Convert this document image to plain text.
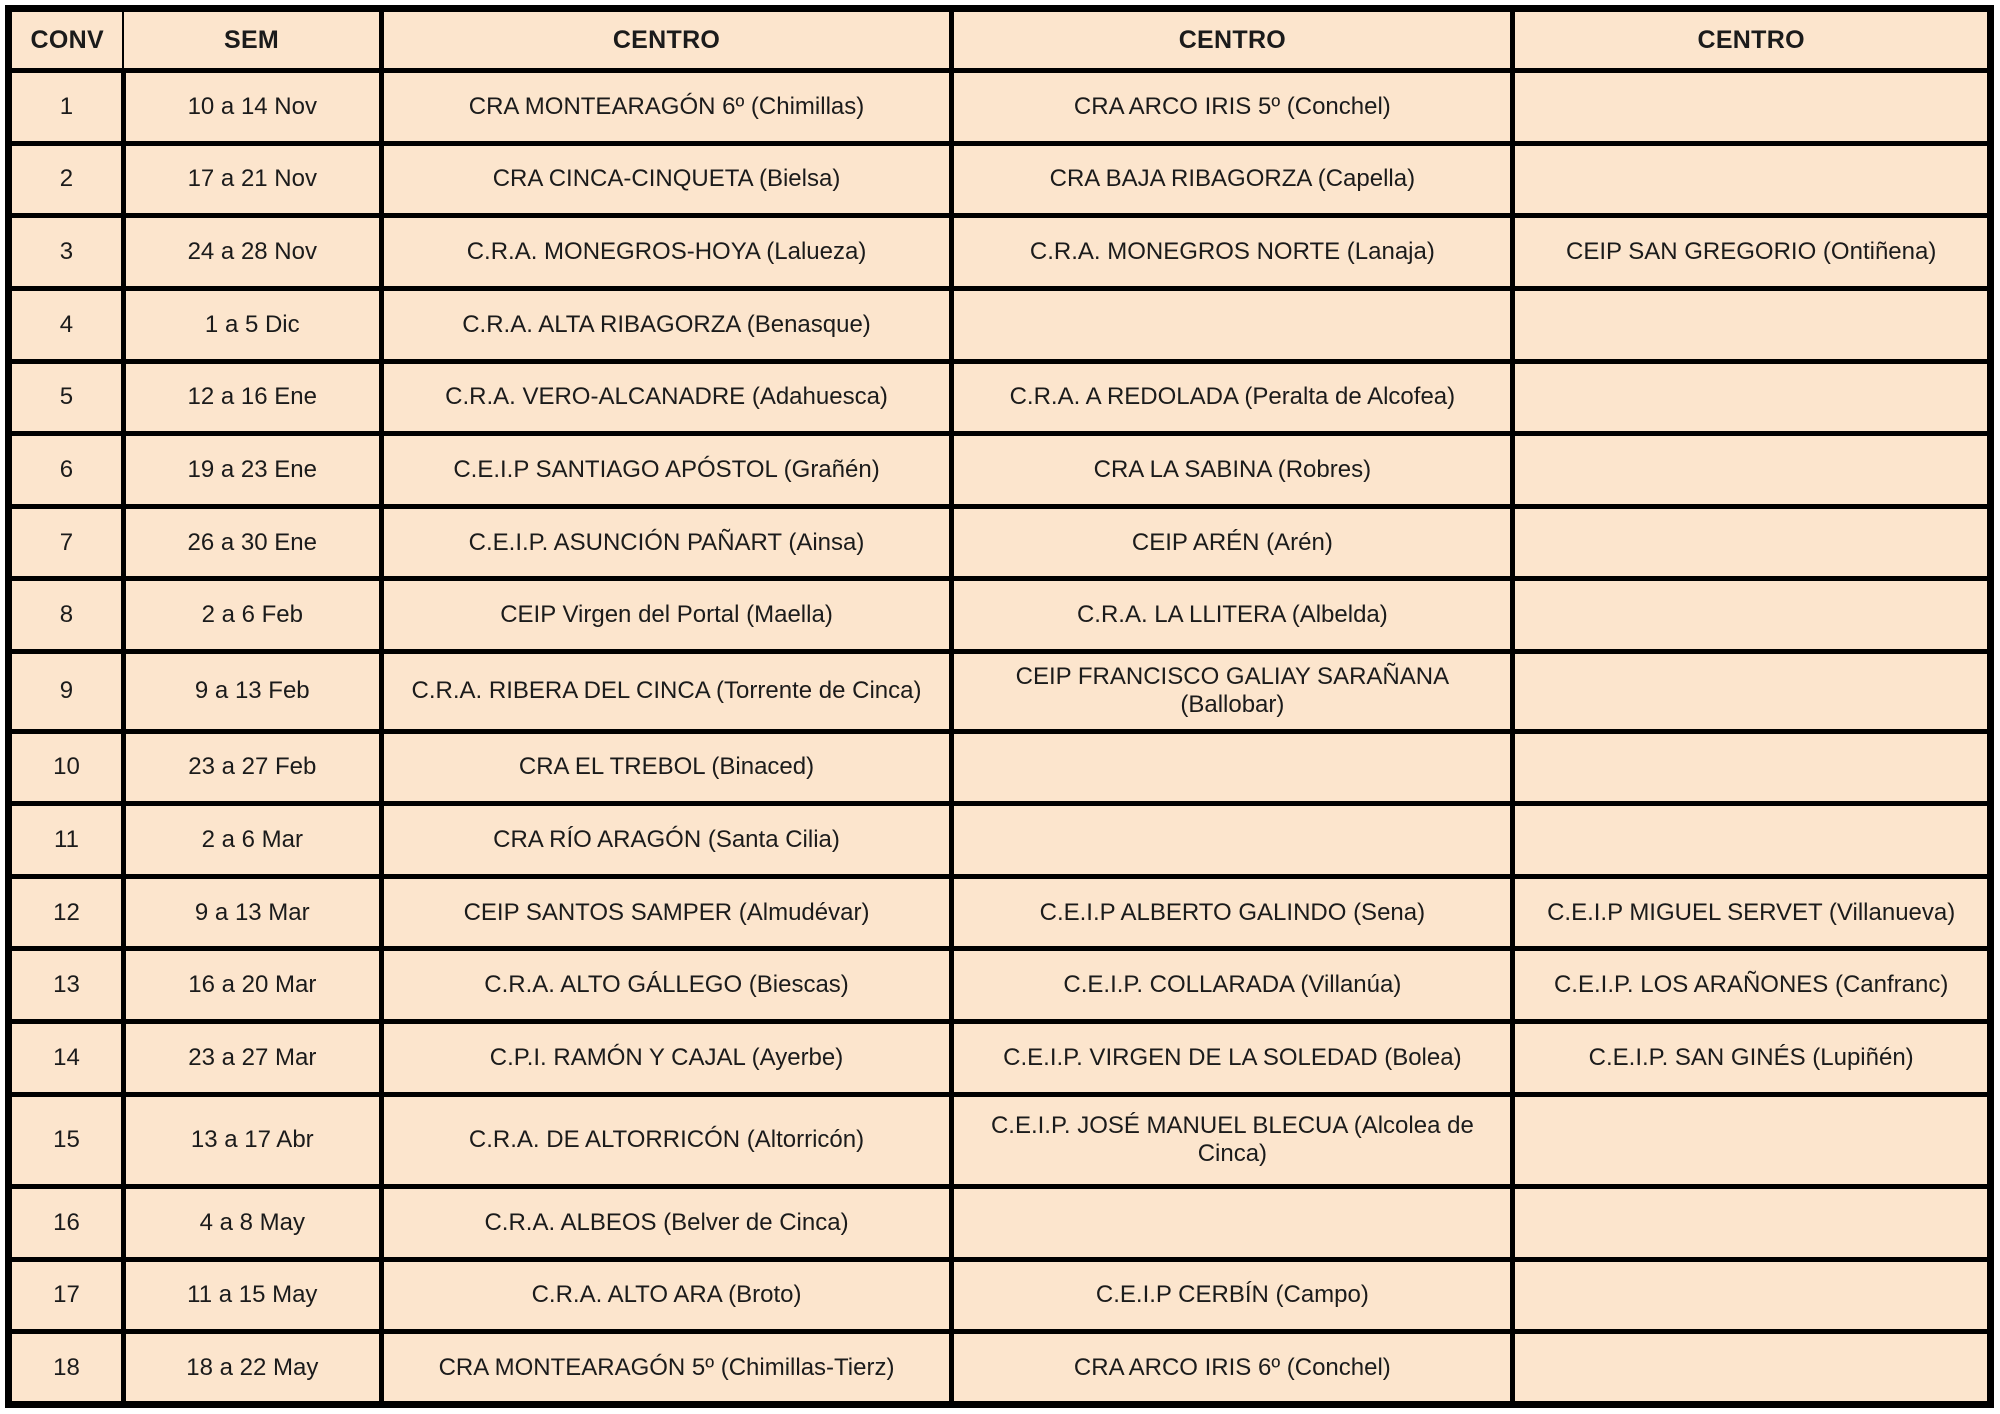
CONV	SEM	CENTRO	CENTRO	CENTRO
1	10 a 14 Nov	CRA MONTEARAGÓN 6º (Chimillas)	CRA ARCO IRIS 5º (Conchel)	
2	17 a 21 Nov	CRA CINCA-CINQUETA (Bielsa)	CRA BAJA RIBAGORZA (Capella)	
3	24 a 28 Nov	C.R.A. MONEGROS-HOYA (Lalueza)	C.R.A. MONEGROS NORTE (Lanaja)	CEIP SAN GREGORIO (Ontiñena)
4	1 a 5 Dic	C.R.A. ALTA RIBAGORZA (Benasque)		
5	12 a 16 Ene	C.R.A. VERO-ALCANADRE (Adahuesca)	C.R.A. A REDOLADA (Peralta de Alcofea)	
6	19 a 23 Ene	C.E.I.P SANTIAGO APÓSTOL (Grañén)	CRA LA SABINA (Robres)	
7	26 a 30 Ene	C.E.I.P. ASUNCIÓN PAÑART (Ainsa)	CEIP ARÉN (Arén)	
8	2 a 6 Feb	CEIP Virgen del Portal (Maella)	C.R.A. LA LLITERA (Albelda)	
9	9 a 13 Feb	C.R.A. RIBERA DEL CINCA (Torrente de Cinca)	CEIP FRANCISCO GALIAY SARAÑANA (Ballobar)	
10	23 a 27 Feb	CRA EL TREBOL (Binaced)		
11	2 a 6 Mar	CRA RÍO ARAGÓN (Santa Cilia)		
12	9 a 13 Mar	CEIP SANTOS SAMPER (Almudévar)	C.E.I.P ALBERTO GALINDO (Sena)	C.E.I.P MIGUEL SERVET (Villanueva)
13	16 a 20 Mar	C.R.A. ALTO GÁLLEGO (Biescas)	C.E.I.P. COLLARADA (Villanúa)	C.E.I.P. LOS ARAÑONES (Canfranc)
14	23 a 27 Mar	C.P.I. RAMÓN Y CAJAL (Ayerbe)	C.E.I.P. VIRGEN DE LA SOLEDAD (Bolea)	C.E.I.P. SAN GINÉS (Lupiñén)
15	13 a 17 Abr	C.R.A. DE ALTORRICÓN (Altorricón)	C.E.I.P. JOSÉ MANUEL BLECUA (Alcolea de Cinca)	
16	4 a 8 May	C.R.A. ALBEOS (Belver de Cinca)		
17	11 a 15 May	C.R.A. ALTO ARA (Broto)	C.E.I.P CERBÍN (Campo)	
18	18 a 22 May	CRA MONTEARAGÓN 5º (Chimillas-Tierz)	CRA ARCO IRIS 6º (Conchel)	
